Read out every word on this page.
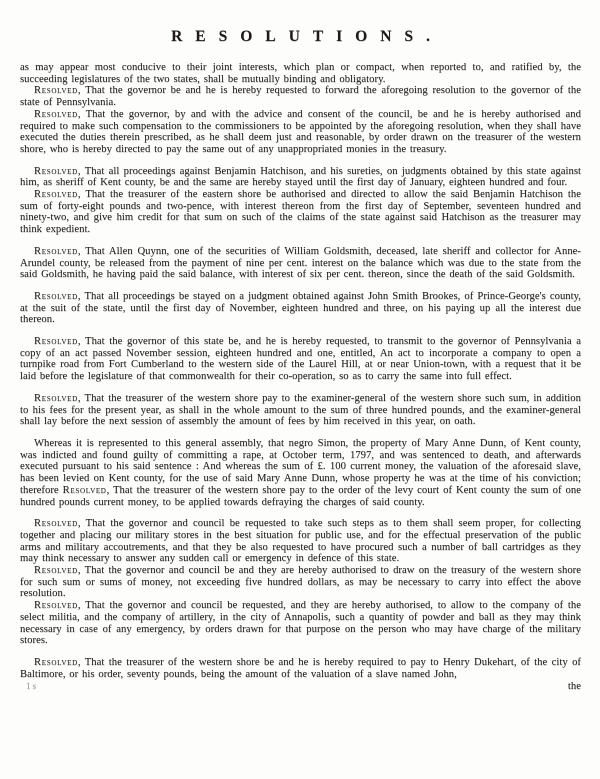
RESOLUTIONS.

as may appear most conducive to their joint interests, which plan or compact, when reported to, and ratified by, the succeeding legislatures of the two states, shall be mutually binding and obligatory.

Resolved, That the governor be and he is hereby requested to forward the aforegoing resolution to the governor of the state of Pennsylvania.

Resolved, That the governor, by and with the advice and consent of the council, be and he is hereby authorised and required to make such compensation to the commissioners to be appointed by the aforegoing resolution, when they shall have executed the duties therein prescribed, as he shall deem just and reasonable, by order drawn on the treasurer of the western shore, who is hereby directed to pay the same out of any unappropriated monies in the treasury.

Resolved, That all proceedings against Benjamin Hatchison, and his sureties, on judgments obtained by this state against him, as sheriff of Kent county, be and the same are hereby stayed until the first day of January, eighteen hundred and four.

Resolved, That the treasurer of the eastern shore be authorised and directed to allow the said Benjamin Hatchison the sum of forty-eight pounds and two-pence, with interest thereon from the first day of September, seventeen hundred and ninety-two, and give him credit for that sum on such of the claims of the state against said Hatchison as the treasurer may think expedient.

Resolved, That Allen Quynn, one of the securities of William Goldsmith, deceased, late sheriff and collector for Anne-Arundel county, be released from the payment of nine per cent. interest on the balance which was due to the state from the said Goldsmith, he having paid the said balance, with interest of six per cent. thereon, since the death of the said Goldsmith.

Resolved, That all proceedings be stayed on a judgment obtained against John Smith Brookes, of Prince-George's county, at the suit of the state, until the first day of November, eighteen hundred and three, on his paying up all the interest due thereon.

Resolved, That the governor of this state be, and he is hereby requested, to transmit to the governor of Pennsylvania a copy of an act passed November session, eighteen hundred and one, entitled, An act to incorporate a company to open a turnpike road from Fort Cumberland to the western side of the Laurel Hill, at or near Union-town, with a request that it be laid before the legislature of that commonwealth for their co-operation, so as to carry the same into full effect.

Resolved, That the treasurer of the western shore pay to the examiner-general of the western shore such sum, in addition to his fees for the present year, as shall in the whole amount to the sum of three hundred pounds, and the examiner-general shall lay before the next session of assembly the amount of fees by him received in this year, on oath.

Whereas it is represented to this general assembly, that negro Simon, the property of Mary Anne Dunn, of Kent county, was indicted and found guilty of committing a rape, at October term, 1797, and was sentenced to death, and afterwards executed pursuant to his said sentence : And whereas the sum of £. 100 current money, the valuation of the aforesaid slave, has been levied on Kent county, for the use of said Mary Anne Dunn, whose property he was at the time of his conviction; therefore Resolved, That the treasurer of the western shore pay to the order of the levy court of Kent county the sum of one hundred pounds current money, to be applied towards defraying the charges of said county.

Resolved, That the governor and council be requested to take such steps as to them shall seem proper, for collecting together and placing our military stores in the best situation for public use, and for the effectual preservation of the public arms and military accoutrements, and that they be also requested to have procured such a number of ball cartridges as they may think necessary to answer any sudden call or emergency in defence of this state.

Resolved, That the governor and council be and they are hereby authorised to draw on the treasury of the western shore for such sum or sums of money, not exceeding five hundred dollars, as may be necessary to carry into effect the above resolution.

Resolved, That the governor and council be requested, and they are hereby authorised, to allow to the company of the select militia, and the company of artillery, in the city of Annapolis, such a quantity of powder and ball as they may think necessary in case of any emergency, by orders drawn for that purpose on the person who may have charge of the military stores.

Resolved, That the treasurer of the western shore be and he is hereby required to pay to Henry Dukehart, of the city of Baltimore, or his order, seventy pounds, being the amount of the valuation of a slave named John,

1s	the
